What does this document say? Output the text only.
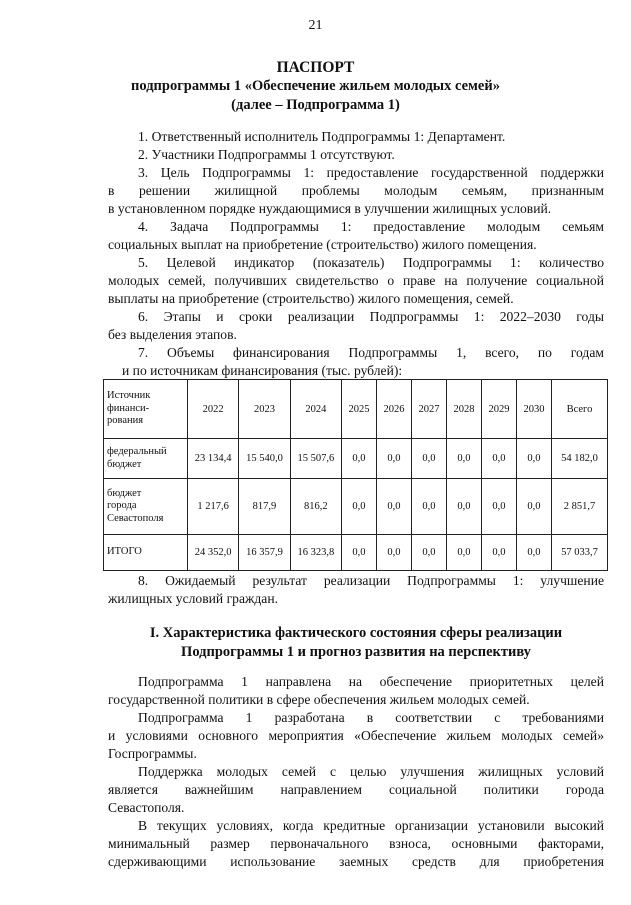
21
ПАСПОРТ
подпрограммы 1 «Обеспечение жильем молодых семей»
(далее – Подпрограмма 1)
1. Ответственный исполнитель Подпрограммы 1: Департамент.
2. Участники Подпрограммы 1 отсутствуют.
3. Цель Подпрограммы 1: предоставление государственной поддержки
в решении жилищной проблемы молодым семьям, признанным
в установленном порядке нуждающимися в улучшении жилищных условий.
4. Задача Подпрограммы 1: предоставление молодым семьям
социальных выплат на приобретение (строительство) жилого помещения.
5. Целевой индикатор (показатель) Подпрограммы 1: количество
молодых семей, получивших свидетельство о праве на получение социальной
выплаты на приобретение (строительство) жилого помещения, семей.
6. Этапы и сроки реализации Подпрограммы 1: 2022–2030 годы
без выделения этапов.
7. Объемы финансирования Подпрограммы 1, всего, по годам
и по источникам финансирования (тыс. рублей):
Источник
финанси-
рования	2022	2023	2024	2025	2026	2027	2028	2029	2030	Всего

федеральный
бюджет	23 134,4	15 540,0	15 507,6	0,0	0,0	0,0	0,0	0,0	0,0	54 182,0

бюджет
города
Севастополя	1 217,6	817,9	816,2	0,0	0,0	0,0	0,0	0,0	0,0	2 851,7

ИТОГО	24 352,0	16 357,9	16 323,8	0,0	0,0	0,0	0,0	0,0	0,0	57 033,7
8. Ожидаемый результат реализации Подпрограммы 1: улучшение
жилищных условий граждан.
I. Характеристика фактического состояния сферы реализации
Подпрограммы 1 и прогноз развития на перспективу
Подпрограмма 1 направлена на обеспечение приоритетных целей
государственной политики в сфере обеспечения жильем молодых семей.
Подпрограмма 1 разработана в соответствии с требованиями
и условиями основного мероприятия «Обеспечение жильем молодых семей»
Госпрограммы.
Поддержка молодых семей с целью улучшения жилищных условий
является важнейшим направлением социальной политики города
Севастополя.
В текущих условиях, когда кредитные организации установили высокий
минимальный размер первоначального взноса, основными факторами,
сдерживающими использование заемных средств для приобретения
